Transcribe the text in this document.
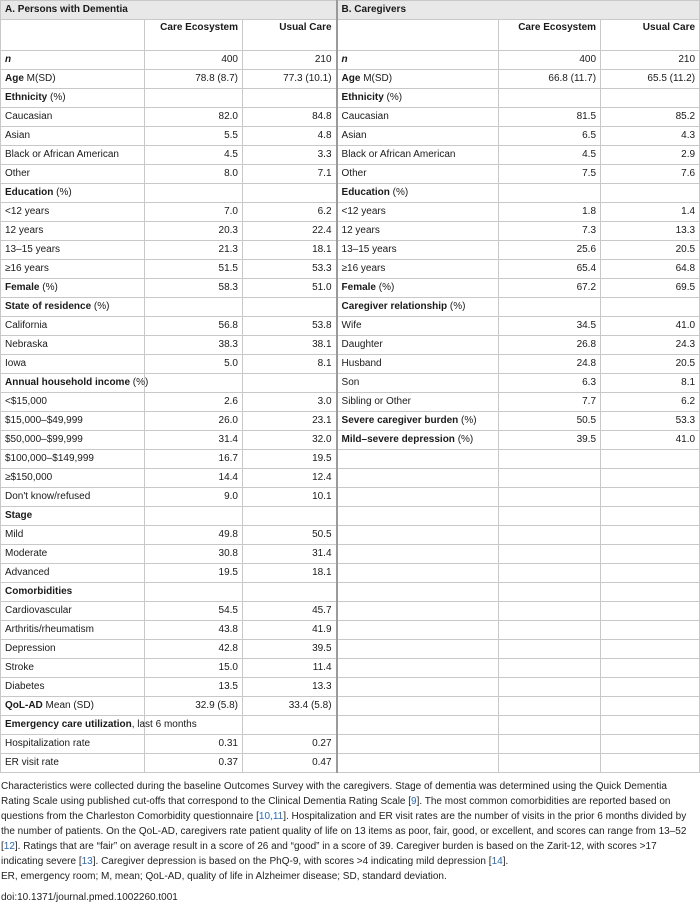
A. Persons with Dementia			B. Caregivers		
	Care Ecosystem	Usual Care		Care Ecosystem	Usual Care
n	400	210	n	400	210
Age M(SD)	78.8 (8.7)	77.3 (10.1)	Age M(SD)	66.8 (11.7)	65.5 (11.2)
Ethnicity (%)			Ethnicity (%)		
Caucasian	82.0	84.8	Caucasian	81.5	85.2
Asian	5.5	4.8	Asian	6.5	4.3
Black or African American	4.5	3.3	Black or African American	4.5	2.9
Other	8.0	7.1	Other	7.5	7.6
Education (%)			Education (%)		
<12 years	7.0	6.2	<12 years	1.8	1.4
12 years	20.3	22.4	12 years	7.3	13.3
13–15 years	21.3	18.1	13–15 years	25.6	20.5
≥16 years	51.5	53.3	≥16 years	65.4	64.8
Female (%)	58.3	51.0	Female (%)	67.2	69.5
State of residence (%)			Caregiver relationship (%)		
California	56.8	53.8	Wife	34.5	41.0
Nebraska	38.3	38.1	Daughter	26.8	24.3
Iowa	5.0	8.1	Husband	24.8	20.5
Annual household income (%)			Son	6.3	8.1
<$15,000	2.6	3.0	Sibling or Other	7.7	6.2
$15,000–$49,999	26.0	23.1	Severe caregiver burden (%)	50.5	53.3
$50,000–$99,999	31.4	32.0	Mild–severe depression (%)	39.5	41.0
$100,000–$149,999	16.7	19.5			
≥$150,000	14.4	12.4			
Don't know/refused	9.0	10.1			
Stage					
Mild	49.8	50.5			
Moderate	30.8	31.4			
Advanced	19.5	18.1			
Comorbidities					
Cardiovascular	54.5	45.7			
Arthritis/rheumatism	43.8	41.9			
Depression	42.8	39.5			
Stroke	15.0	11.4			
Diabetes	13.5	13.3			
QoL-AD Mean (SD)	32.9 (5.8)	33.4 (5.8)			
Emergency care utilization, last 6 months					
Hospitalization rate	0.31	0.27			
ER visit rate	0.37	0.47			

Characteristics were collected during the baseline Outcomes Survey with the caregivers. Stage of dementia was determined using the Quick Dementia Rating Scale using published cut-offs that correspond to the Clinical Dementia Rating Scale [9]. The most common comorbidities are reported based on questions from the Charleston Comorbidity questionnaire [10,11]. Hospitalization and ER visit rates are the number of visits in the prior 6 months divided by the number of patients. On the QoL-AD, caregivers rate patient quality of life on 13 items as poor, fair, good, or excellent, and scores can range from 13–52 [12]. Ratings that are “fair” on average result in a score of 26 and “good” in a score of 39. Caregiver burden is based on the Zarit-12, with scores >17 indicating severe [13]. Caregiver depression is based on the PhQ-9, with scores >4 indicating mild depression [14].

ER, emergency room; M, mean; QoL-AD, quality of life in Alzheimer disease; SD, standard deviation.

doi:10.1371/journal.pmed.1002260.t001
